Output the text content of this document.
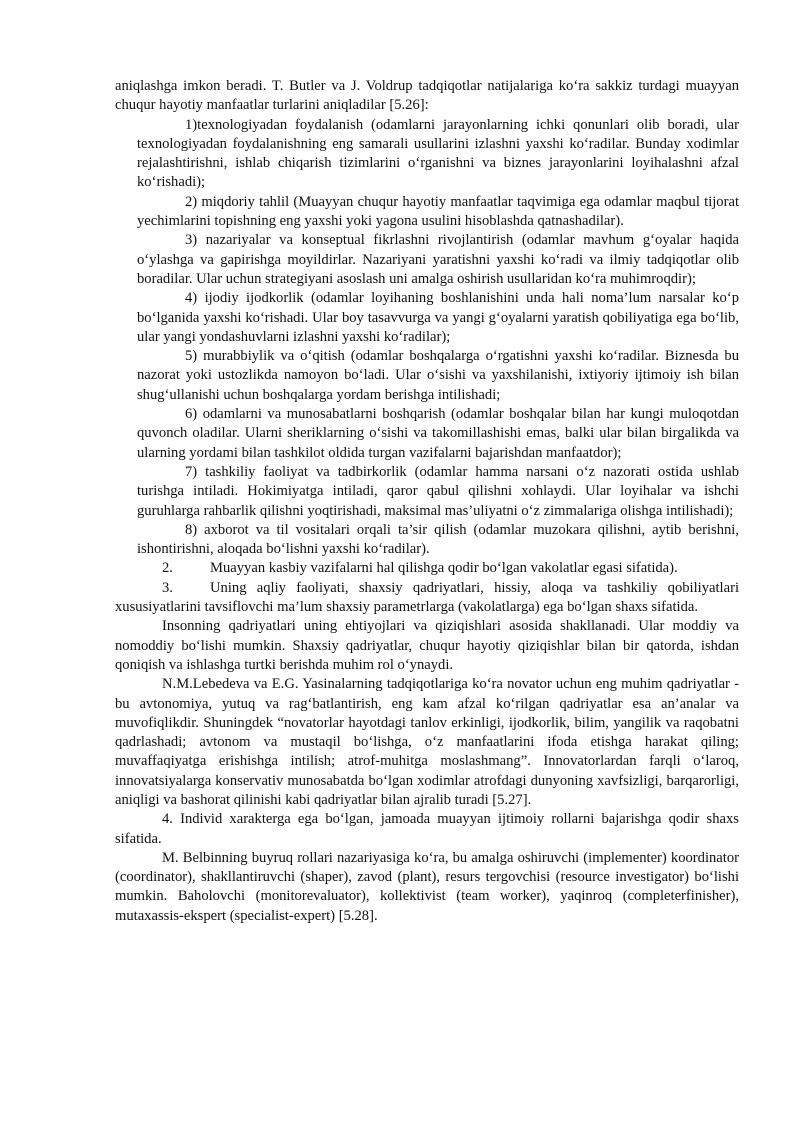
aniqlashga imkon beradi. T. Butler va J. Voldrup tadqiqotlar natijalariga ko‘ra sakkiz turdagi muayyan chuqur hayotiy manfaatlar turlarini aniqladilar [5.26]:

1)texnologiyadan foydalanish (odamlarni jarayonlarning ichki qonunlari olib boradi, ular texnologiyadan foydalanishning eng samarali usullarini izlashni yaxshi ko‘radilar. Bunday xodimlar rejalashtirishni, ishlab chiqarish tizimlarini o‘rganishni va biznes jarayonlarini loyihalashni afzal ko‘rishadi);

2) miqdoriy tahlil (Muayyan chuqur hayotiy manfaatlar taqvimiga ega odamlar maqbul tijorat yechimlarini topishning eng yaxshi yoki yagona usulini hisoblashda qatnashadilar).

3) nazariyalar va konseptual fikrlashni rivojlantirish (odamlar mavhum g‘oyalar haqida o‘ylashga va gapirishga moyildirlar. Nazariyani yaratishni yaxshi ko‘radi va ilmiy tadqiqotlar olib boradilar. Ular uchun strategiyani asoslash uni amalga oshirish usullaridan ko‘ra muhimroqdir);

4) ijodiy ijodkorlik (odamlar loyihaning boshlanishini unda hali noma’lum narsalar ko‘p bo‘lganida yaxshi ko‘rishadi. Ular boy tasavvurga va yangi g‘oyalarni yaratish qobiliyatiga ega bo‘lib, ular yangi yondashuvlarni izlashni yaxshi ko‘radilar);

5) murabbiylik va o‘qitish (odamlar boshqalarga o‘rgatishni yaxshi ko‘radilar. Biznesda bu nazorat yoki ustozlikda namoyon bo‘ladi. Ular o‘sishi va yaxshilanishi, ixtiyoriy ijtimoiy ish bilan shug‘ullanishi uchun boshqalarga yordam berishga intilishadi;

6) odamlarni va munosabatlarni boshqarish (odamlar boshqalar bilan har kungi muloqotdan quvonch oladilar. Ularni sheriklarning o‘sishi va takomillashishi emas, balki ular bilan birgalikda va ularning yordami bilan tashkilot oldida turgan vazifalarni bajarishdan manfaatdor);

7) tashkiliy faoliyat va tadbirkorlik (odamlar hamma narsani o‘z nazorati ostida ushlab turishga intiladi. Hokimiyatga intiladi, qaror qabul qilishni xohlaydi. Ular loyihalar va ishchi guruhlarga rahbarlik qilishni yoqtirishadi, maksimal mas’uliyatni o‘z zimmalariga olishga intilishadi);

8) axborot va til vositalari orqali ta’sir qilish (odamlar muzokara qilishni, aytib berishni, ishontirishni, aloqada bo‘lishni yaxshi ko‘radilar).

2.	Muayyan kasbiy vazifalarni hal qilishga qodir bo‘lgan vakolatlar egasi sifatida).

3.	Uning aqliy faoliyati, shaxsiy qadriyatlari, hissiy, aloqa va tashkiliy qobiliyatlari xususiyatlarini tavsiflovchi ma’lum shaxsiy parametrlarga (vakolatlarga) ega bo‘lgan shaxs sifatida.

Insonning qadriyatlari uning ehtiyojlari va qiziqishlari asosida shakllanadi. Ular moddiy va nomoddiy bo‘lishi mumkin. Shaxsiy qadriyatlar, chuqur hayotiy qiziqishlar bilan bir qatorda, ishdan qoniqish va ishlashga turtki berishda muhim rol o‘ynaydi.

N.M.Lebedeva va E.G. Yasinalarning tadqiqotlariga ko‘ra novator uchun eng muhim qadriyatlar - bu avtonomiya, yutuq va rag‘batlantirish, eng kam afzal ko‘rilgan qadriyatlar esa an’analar va muvofiqlikdir. Shuningdek “novatorlar hayotdagi tanlov erkinligi, ijodkorlik, bilim, yangilik va raqobatni qadrlashadi; avtonom va mustaqil bo‘lishga, o‘z manfaatlarini ifoda etishga harakat qiling; muvaffaqiyatga erishishga intilish; atrof-muhitga moslashmang”. Innovatorlardan farqli o‘laroq, innovatsiyalarga konservativ munosabatda bo‘lgan xodimlar atrofdagi dunyoning xavfsizligi, barqarorligi, aniqligi va bashorat qilinishi kabi qadriyatlar bilan ajralib turadi [5.27].

4. Individ xarakterga ega bo‘lgan, jamoada muayyan ijtimoiy rollarni bajarishga qodir shaxs sifatida.

M. Belbinning buyruq rollari nazariyasiga ko‘ra, bu amalga oshiruvchi (implementer) koordinator (coordinator), shakllantiruvchi (shaper), zavod (plant), resurs tergovchisi (resource investigator) bo‘lishi mumkin. Baholovchi (monitorevaluator), kollektivist (team worker), yaqinroq (completerfinisher), mutaxassis-ekspert (specialist-expert) [5.28].
